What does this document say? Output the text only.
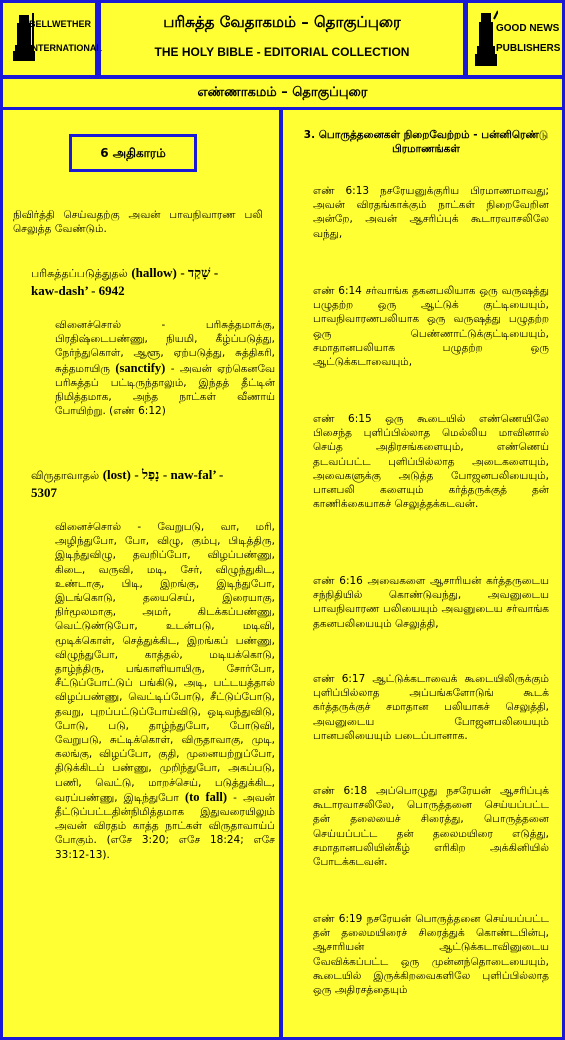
BELLWETHER
INTERNATIONAL
பரிசுத்த வேதாகமம் – தொகுப்புரை
THE HOLY BIBLE - EDITORIAL COLLECTION
GOOD NEWS
PUBLISHERS
எண்ணாகமம் – தொகுப்புரை
6 அதிகாரம்
நிவிர்த்தி செய்வதற்கு அவன் பாவநிவாரண பலி செலுத்த வேண்டும்.
பரிசுத்தப்படுத்துதல் (hallow) - שָׁקַד -
kaw-dash’ - 6942
வினைச்சொல் - பரிசுத்தமாக்கு, பிரதிஷ்டைபண்ணு, நியமி, கீழ்ப்படுத்து, நேர்ந்துகொள், ஆளூ, ஏற்படுத்து, சுத்திகரி, சுத்தமாயிரு (sanctify) - அவன் ஏற்கெனவே பரிசுத்தப் பட்டிருந்தாலும், இந்தத் தீட்டின் நிமித்தமாக, அந்த நாட்கள் வீணாய் போயிற்று. (எண் 6:12)
விருதாவாதல் (lost) - נָפַל - naw-fal’ -
5307
வினைச்சொல் - வேறுபடு, வா, மரி, அழிந்துபோ, போ, விழு, கும்பு, பிடித்திரு, இடிந்துவிழு, தவறிப்போ, விழப்பண்ணு, கிடை, வருவி, மடி, சேர், விழுந்துகிட, உண்டாகு, பிடி, இறங்கு, இடிந்துபோ, இடங்கொடு, தயைசெய், இரையாகு, நிர்மூலமாகு, அமர், கிடக்கப்பண்ணு, வெட்டுண்டுபோ, உடன்படு, மடிவி, மூடிக்கொள், செத்துக்கிட, இறங்கப் பண்ணு, விழுந்துபோ, காத்தல், மடியக்கொடு, தாழ்ந்திரு, பங்காளியாயிரு, சோர்போ, சீட்டுப்போட்டுப் பங்கிடு, அடி, பட்டயத்தால் விழப்பண்ணு, வெட்டிப்போடு, சீட்டுப்போடு, தவறு, புறப்பட்டுப்போய்விடு, ஒடிவந்துவிடு, போடு, படு, தாழ்ந்துபோ, போடுவி, வேறுபடு, சுட்டிக்கொள், விருதாவாகு, முடி, கலங்கு, விழப்போ, குதி, முனையற்றுப்போ, திடுக்கிடப் பண்ணு, முறிந்துபோ, அகப்படு, பணி, வெட்டு, மாறச்செய், படுத்துக்கிட, வரப்பண்ணு, இடிந்துபோ (to fall) - அவன் தீட்டுப்பட்டதின்நிமித்தமாக இதுவரையிலும் அவன் விரதம் காத்த நாட்கள் விருதாவாய்ப் போகும். (எசே 3:20; எசே 18:24; எசே 33:12-13).
3. பொருத்தனைகள் நிறைவேற்றம் - பன்னிரெண்டு பிரமாணங்கள்
எண் 6:13 நசரேயனுக்குரிய பிரமாணமாவது; அவன் விரதங்காக்கும் நாட்கள் நிறைவேறின அன்றே, அவன் ஆசரிப்புக் கூடாரவாசலிலே வந்து,
எண் 6:14 சர்வாங்க தகனபலியாக ஒரு வருஷத்து பழுதற்ற ஒரு ஆட்டுக் குட்டியையும், பாவநிவாரணபலியாக ஒரு வருஷத்து பழுதற்ற ஒரு பெண்ணாட்டுக்குட்டியையும், சமாதானபலியாக பழுதற்ற ஒரு ஆட்டுக்கடாவையும்,
எண் 6:15 ஒரு கூடையில் எண்ணெயிலே பிசைந்த புளிப்பில்லாத மெல்லிய மாவினால் செய்த அதிரசங்களையும், எண்ணெய் தடவப்பட்ட புளிப்பில்லாத அடைகளையும், அவைகளுக்கு அடுத்த போஜனபலியையும், பானபலி களையும் கர்த்தருக்குத் தன் காணிக்கையாகச் செலுத்தக்கடவன்.
எண் 6:16 அவைகளை ஆசாரியன் கர்த்தருடைய சந்நிதியில் கொண்டுவந்து, அவனுடைய பாவநிவாரண பலியையும் அவனுடைய சர்வாங்க தகனபலியையும் செலுத்தி,
எண் 6:17 ஆட்டுக்கடாவைக் கூடையிலிருக்கும் புளிப்பில்லாத அப்பங்களோடுங் கூடக் கர்த்தருக்குச் சமாதான பலியாகச் செலுத்தி, அவனுடைய போஜனபலியையும் பானபலியையும் படைப்பானாக.
எண் 6:18 அப்பொழுது நசரேயன் ஆசரிப்புக் கூடாரவாசலிலே, பொருத்தனை செய்யப்பட்ட தன் தலையைச் சிரைத்து, பொருத்தனை செய்யப்பட்ட தன் தலைமயிரை எடுத்து, சமாதானபலியின்கீழ் எரிகிற அக்கினியில் போடக்கடவன்.
எண் 6:19 நசரேயன் பொருத்தனை செய்யப்பட்ட தன் தலைமயிரைச் சிரைத்துக் கொண்டபின்பு, ஆசாரியன் ஆட்டுக்கடாவினுடைய வேவிக்கப்பட்ட ஒரு முன்னந்தொடையையும், கூடையில் இருக்கிறவைகளிலே புளிப்பில்லாத ஒரு அதிரசத்தையும்
